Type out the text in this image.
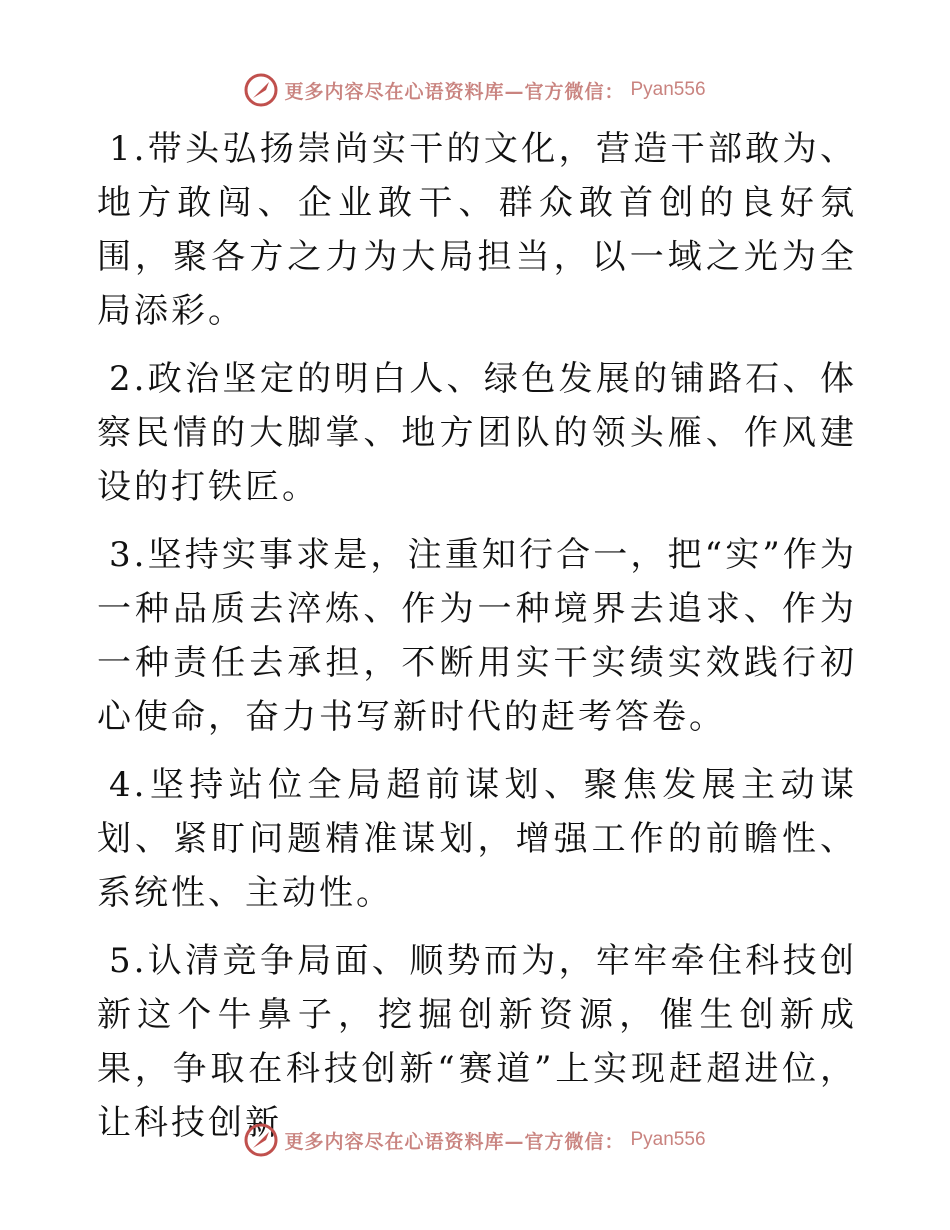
更多内容尽在心语资料库—官方微信： Pyan556

1.带头弘扬崇尚实干的文化，营造干部敢为、地方敢闯、企业敢干、群众敢首创的良好氛围，聚各方之力为大局担当，以一域之光为全局添彩。

2.政治坚定的明白人、绿色发展的铺路石、体察民情的大脚掌、地方团队的领头雁、作风建设的打铁匠。

3.坚持实事求是，注重知行合一，把“实”作为一种品质去淬炼、作为一种境界去追求、作为一种责任去承担，不断用实干实绩实效践行初心使命，奋力书写新时代的赶考答卷。

4.坚持站位全局超前谋划、聚焦发展主动谋划、紧盯问题精准谋划，增强工作的前瞻性、系统性、主动性。

5.认清竞争局面、顺势而为，牢牢牵住科技创新这个牛鼻子，挖掘创新资源，催生创新成果，争取在科技创新“赛道”上实现赶超进位，让科技创新 更多内容尽在心语资料库—官方微信： Pyan556
